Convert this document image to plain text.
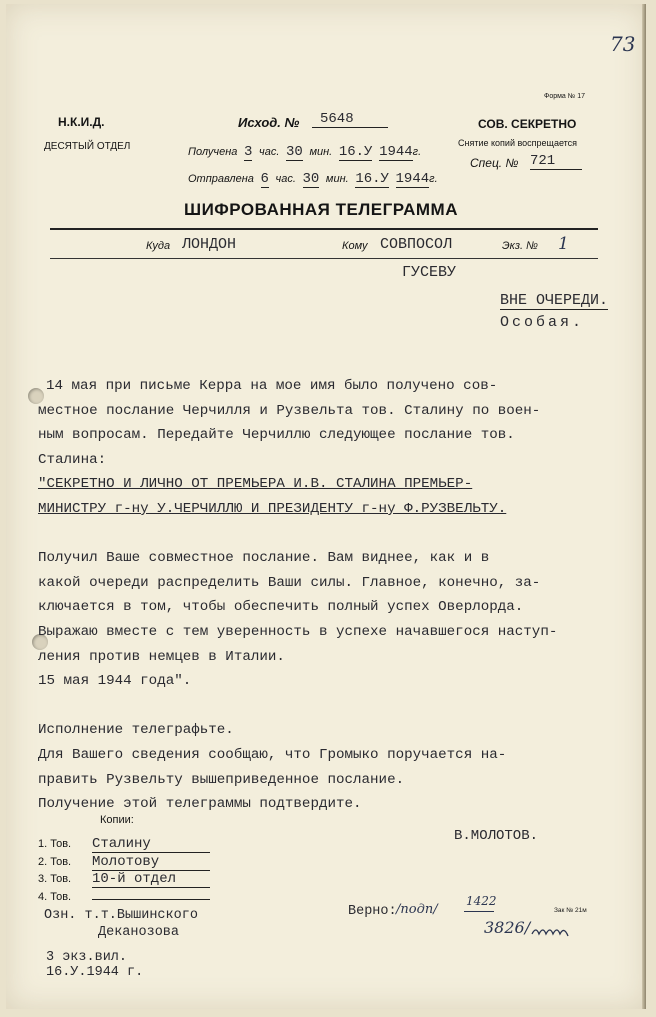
73
Н.К.И.Д.
ДЕСЯТЫЙ ОТДЕЛ
Форма № 17
СОВ. СЕКРЕТНО
Снятие копий воспрещается
Спец. № 721
Исход. №	5648
Получена 3 час. 30 мин. 16.У 1944г.
Отправлена 6 час. 30 мин. 16.У 1944г.
ШИФРОВАННАЯ ТЕЛЕГРАММА
Куда ЛОНДОН	Кому СОВПОСОЛ	Экз. № 1
ГУСЕВУ
ВНЕ ОЧЕРЕДИ.
Особая.
14 мая при письме Керра на мое имя было получено сов-
местное послание Черчилля и Рузвельта тов. Сталину по воен-
ным вопросам. Передайте Черчиллю следующее послание тов.
Сталина:
"СЕКРЕТНО И ЛИЧНО ОТ ПРЕМЬЕРА И.В. СТАЛИНА ПРЕМЬЕР-
МИНИСТРУ г-ну У.ЧЕРЧИЛЛЮ И ПРЕЗИДЕНТУ г-ну Ф.РУЗВЕЛЬТУ.
Получил Ваше совместное послание. Вам виднее, как и в
какой очереди распределить Ваши силы. Главное, конечно, за-
ключается в том, чтобы обеспечить полный успех Оверлорда.
Выражаю вместе с тем уверенность в успехе начавшегося наступ-
ления против немцев в Италии.
15 мая 1944 года".
Исполнение телеграфьте.
Для Вашего сведения сообщаю, что Громыко поручается на-
править Рузвельту вышеприведенное послание.
Получение этой телеграммы подтвердите.
В.МОЛОТОВ.
Копии:
1. Тов. Сталину
2. Тов. Молотову
3. Тов. 10-й отдел
4. Тов.
Озн. т.т.Вышинского
Деканозова
Верно: /подп/
1422
3826/
Зак № 21м
3 экз.вил.
16.У.1944 г.
